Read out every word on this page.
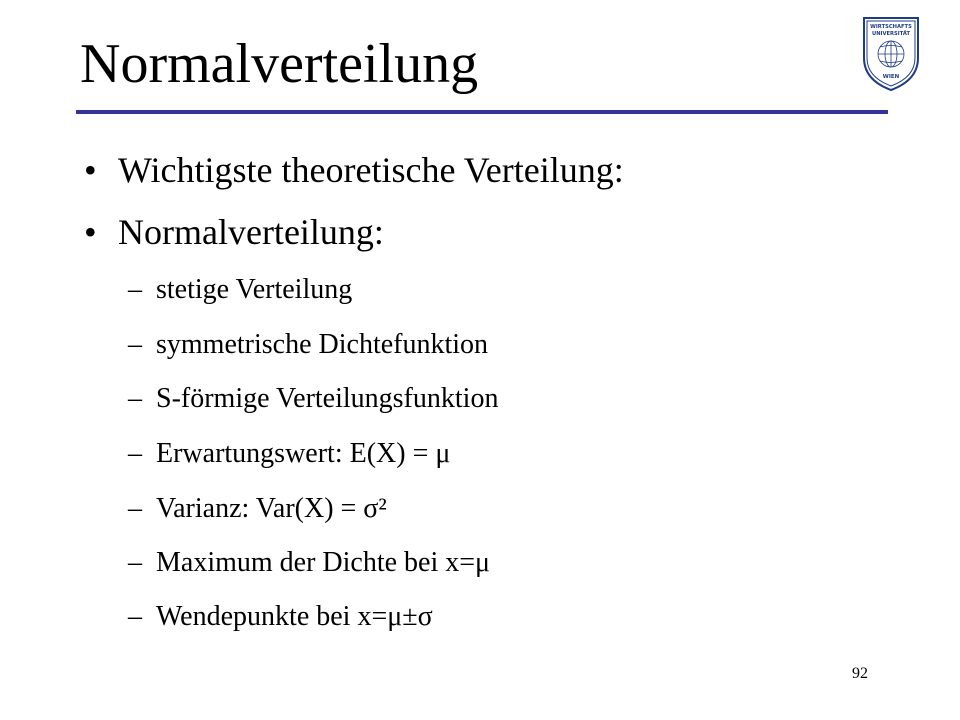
Normalverteilung
WIRTSCHAFTS
UNIVERSITÄT
WIEN
• Wichtigste theoretische Verteilung:
• Normalverteilung:
– stetige Verteilung
– symmetrische Dichtefunktion
– S-förmige Verteilungsfunktion
– Erwartungswert: E(X) = μ
– Varianz: Var(X) = σ²
– Maximum der Dichte bei x=μ
– Wendepunkte bei x=μ±σ
92
